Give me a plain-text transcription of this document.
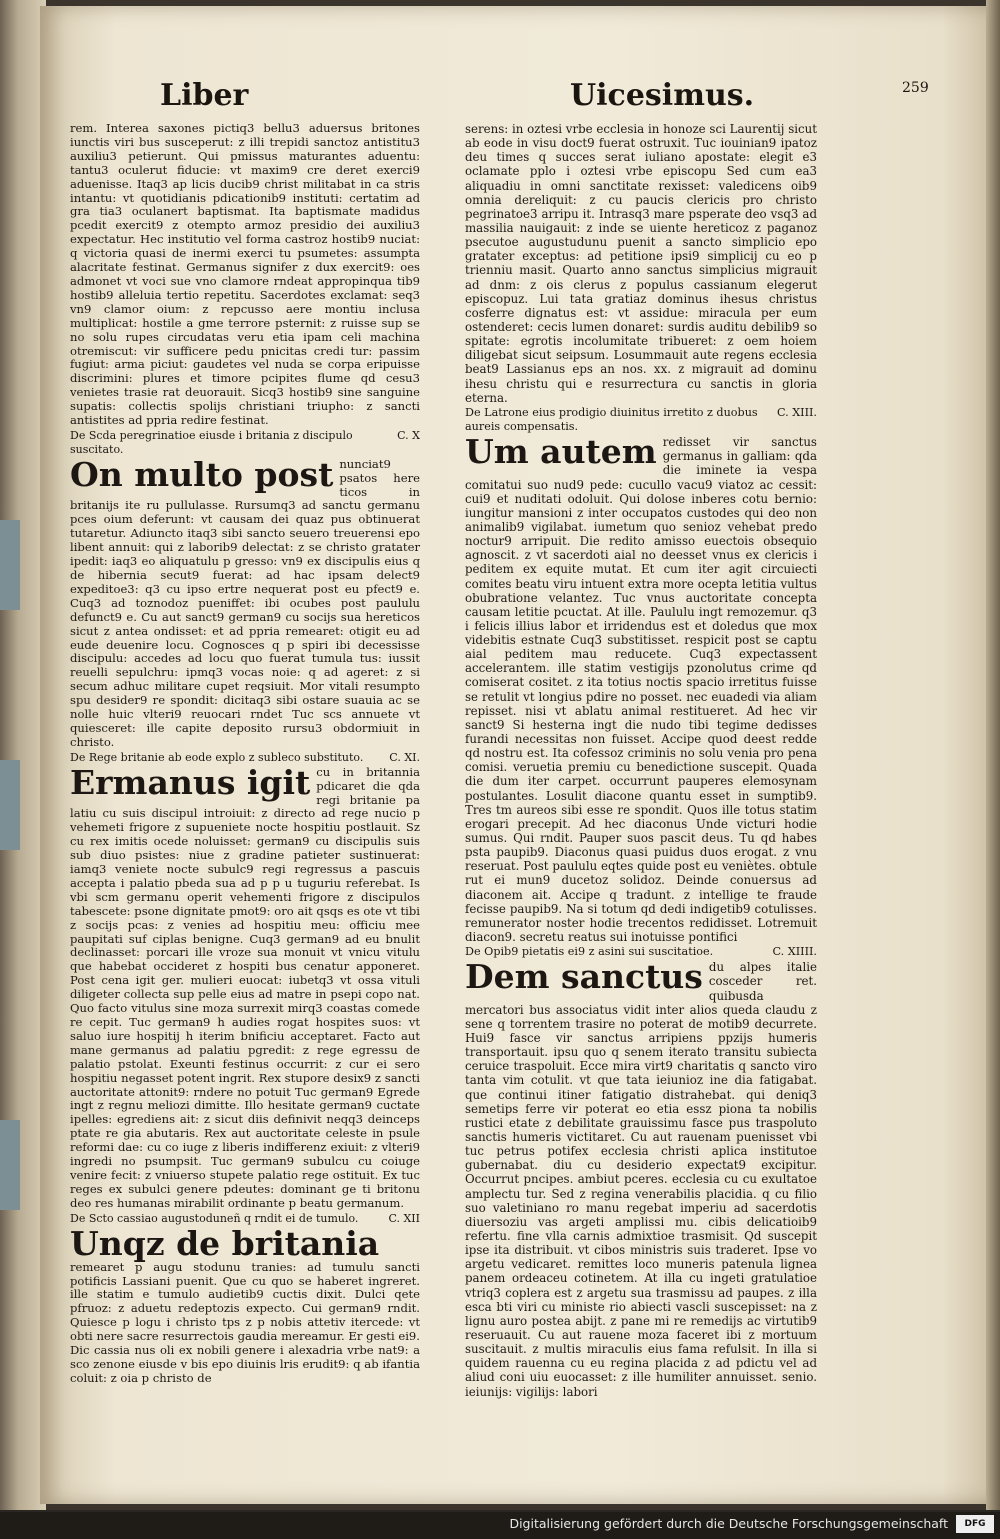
Liber	Uicesimus.	259

rem. Interea saxones pictiq3 bellu3 aduersus britones iunctis viri bus susceperut: z illi trepidi sanctoz antistitu3 auxiliu3 petierunt. Qui pmissus maturantes aduentu: tantu3 oculerut fiducie: vt maxim9 cre deret exerci9 aduenisse. Itaq3 ap licis ducib9 christ militabat in ca stris intantu: vt quotidianis pdicationib9 instituti: certatim ad gra tia3 oculanert baptismat. Ita baptismate madidus pcedit exercit9 z otempto armoz presidio dei auxiliu3 expectatur. Hec institutio vel forma castroz hostib9 nuciat: q victoria quasi de inermi exerci tu psumetes: assumpta alacritate festinat. Germanus signifer z dux exercit9: oes admonet vt voci sue vno clamore rndeat appropinqua tib9 hostib9 alleluia tertio repetitu. Sacerdotes exclamat: seq3 vn9 clamor oium: z repcusso aere montiu inclusa multiplicat: hostile a gme terrore psternit: z ruisse sup se no solu rupes circudatas veru etia ipam celi machina otremiscut: vir sufficere pedu pnicitas credi tur: passim fugiut: arma piciut: gaudetes vel nuda se corpa eripuisse discrimini: plures et timore pcipites flume qd cesu3 venietes trasie rat deuorauit. Sicq3 hostib9 sine sanguine supatis: collectis spolijs christiani triupho: z sancti antistites ad ppria redire festinat.

De Scda peregrinatioe eiusde i britania z discipulo suscitato.
C. X

On multo post nunciat9 psatos here ticos in britanijs ite ru pullulasse. Rursumq3 ad sanctu germanu pces oium deferunt: vt causam dei quaz pus obtinuerat tutaretur. Adiuncto itaq3 sibi sancto seuero treuerensi epo libent annuit: qui z laborib9 delectat: z se christo gratater ipedit: iaq3 eo aliquatulu p gresso: vn9 ex discipulis eius q de hibernia secut9 fuerat: ad hac ipsam delect9 expeditoe3: q3 cu ipso ertre nequerat post eu pfect9 e. Cuq3 ad toznodoz pueniffet: ibi ocubes post paululu defunct9 e. Cu aut sanct9 german9 cu socijs sua hereticos sicut z antea ondisset: et ad ppria remearet: otigit eu ad eude deuenire locu. Cognosces q p spiri ibi decessisse discipulu: accedes ad locu quo fuerat tumula tus: iussit reuelli sepulchru: ipmq3 vocas noie: q ad ageret: z si secum adhuc militare cupet reqsiuit. Mor vitali resumpto spu desider9 re spondit: dicitaq3 sibi ostare suauia ac se nolle huic vlteri9 reuocari rndet Tuc scs annuete vt quiesceret: ille capite deposito rursu3 obdormiuit in christo.

De Rege britanie ab eode explo z subleco substituto.	C. XI.

Ermanus igit cu in britannia pdicaret die qda regi britanie pa latiu cu suis discipul introiuit: z directo ad rege nucio p vehemeti frigore z supueniete nocte hospitiu postlauit. Sz cu rex imitis ocede noluisset: german9 cu discipulis suis sub diuo psistes: niue z gradine patieter sustinuerat: iamq3 veniete nocte subulc9 regi regressus a pascuis accepta i palatio pbeda sua ad p p u tuguriu referebat. Is vbi scm germanu operit vehementi frigore z discipulos tabescete: psone dignitate pmot9: oro ait qsqs es ote vt tibi z socijs pcas: z venies ad hospitiu meu: officiu mee paupitati suf ciplas benigne. Cuq3 german9 ad eu bnulit declinasset: porcari ille vroze sua monuit vt vnicu vitulu que habebat occideret z hospiti bus cenatur apponeret. Post cena igit ger. mulieri euocat: iubetq3 vt ossa vituli diligeter collecta sup pelle eius ad matre in psepi copo nat. Quo facto vitulus sine moza surrexit mirq3 coastas comede re cepit. Tuc german9 h audies rogat hospites suos: vt saluo iure hospitij h iterim bnificiu acceptaret. Facto aut mane germanus ad palatiu pgredit: z rege egressu de palatio pstolat. Exeunti festinus occurrit: z cur ei sero hospitiu negasset potent ingrit. Rex stupore desix9 z sancti auctoritate attonit9: rndere no potuit Tuc german9 Egrede ingt z regnu meliozi dimitte. Illo hesitate german9 cuctate ipelles: egrediens ait: z sicut diis definivit neqq3 deinceps ptate re gia abutaris. Rex aut auctoritate celeste in psule reformi dae: cu co iuge z liberis indifferenz exiuit: z vlteri9 ingredi no psumpsit. Tuc german9 subulcu cu coiuge venire fecit: z vniuerso stupete palatio rege ostituit. Ex tuc reges ex subulci genere pdeutes: dominant ge ti britonu deo res humanas mirabilit ordinante p beatu germanum.

De Scto cassiao augustoduneñ q rndit ei de tumulo.	C. XII

Unqz de britania
remearet p augu stodunu tranies: ad tumulu sancti potificis Lassiani puenit. Que cu quo se haberet ingreret. ille statim e tumulo audietib9 cuctis dixit. Dulci qete pfruoz: z aduetu redeptozis expecto. Cui german9 rndit. Quiesce p logu i christo tps z p nobis attetiv itercede: vt obti nere sacre resurrectois gaudia mereamur. Er gesti ei9. Dic cassia nus oli ex nobili genere i alexadria vrbe nat9: a sco zenone eiusde v bis epo diuinis lris erudit9: q ab ifantia coluit: z oia p christo de

serens: in oztesi vrbe ecclesia in honoze sci Laurentij sicut ab eode in visu doct9 fuerat ostruxit. Tuc iouinian9 ipatoz deu times q succes serat iuliano apostate: elegit e3 oclamate pplo i oztesi vrbe episcopu Sed cum ea3 aliquadiu in omni sanctitate rexisset: valedicens oib9 omnia dereliquit: z cu paucis clericis pro christo pegrinatoe3 arripu it. Intrasq3 mare psperate deo vsq3 ad massilia nauigauit: z inde se uiente hereticoz z paganoz psecutoe augustudunu puenit a sancto simplicio epo gratater exceptus: ad petitione ipsi9 simplicij cu eo p trienniu masit. Quarto anno sanctus simplicius migrauit ad dnm: z ois clerus z populus cassianum elegerut episcopuz. Lui tata gratiaz dominus ihesus christus cosferre dignatus est: vt assidue: miracula per eum ostenderet: cecis lumen donaret: surdis auditu debilib9 so spitate: egrotis incolumitate tribueret: z oem hoiem diligebat sicut seipsum. Losummauit aute regens ecclesia beat9 Lassianus eps an nos. xx. z migrauit ad dominu ihesu christu qui e resurrectura cu sanctis in gloria eterna.

De Latrone eius prodigio diuinitus irretito z duobus aureis compensatis.
C. XIII.

Um autem redisset vir sanctus germanus in galliam: qda die iminete ia vespa comitatui suo nud9 pede: cucullo vacu9 viatoz ac cessit: cui9 et nuditati odoluit. Qui dolose inberes cotu bernio: iungitur mansioni z inter occupatos custodes qui deo non animalib9 vigilabat. iumetum quo senioz vehebat predo noctur9 arripuit. Die redito amisso euectois obsequio agnoscit. z vt sacerdoti aial no deesset vnus ex clericis i peditem ex equite mutat. Et cum iter agit circuiecti comites beatu viru intuent extra more ocepta letitia vultus obubratione velantez. Tuc vnus auctoritate concepta causam letitie pcuctat. At ille. Paululu ingt remozemur. q3 i felicis illius labor et irridendus est et doledus que mox videbitis estnate Cuq3 substitisset. respicit post se captu aial peditem mau reducete. Cuq3 expectassent accelerantem. ille statim vestigijs pzonolutus crime qd comiserat cositet. z ita totius noctis spacio irretitus fuisse se retulit vt longius pdire no posset. nec euadedi via aliam repisset. nisi vt ablatu animal restitueret. Ad hec vir sanct9 Si hesterna ingt die nudo tibi tegime dedisses furandi necessitas non fuisset. Accipe quod deest redde qd nostru est. Ita cofessoz criminis no solu venia pro pena comisi. veruetia premiu cu benedictione suscepit. Quada die dum iter carpet. occurrunt pauperes elemosynam postulantes. Losulit diacone quantu esset in sumptib9. Tres tm aureos sibi esse re spondit. Quos ille totus statim erogari precepit. Ad hec diaconus Unde victuri hodie sumus. Qui rndit. Pauper suos pascit deus. Tu qd habes psta paupib9. Diaconus quasi puidus duos erogat. z vnu reseruat. Post paululu eqtes quide post eu veniètes. obtule rut ei mun9 ducetoz solidoz. Deinde conuersus ad diaconem ait. Accipe q tradunt. z intellige te fraude fecisse paupib9. Na si totum qd dedi indigetib9 cotulisses. remunerator noster hodie trecentos redidisset. Lotremuit diacon9. secretu reatus sui inotuisse pontifici

De Opib9 pietatis ei9 z asini sui suscitatioe.	C. XIIII.

Dem sanctus du alpes italie cosceder ret. quibusda mercatori bus associatus vidit inter alios queda claudu z sene q torrentem trasire no poterat de motib9 decurrete. Hui9 fasce vir sanctus arripiens ppzijs humeris transportauit. ipsu quo q senem iterato transitu subiecta ceruice traspoluit. Ecce mira virt9 charitatis q sancto viro tanta vim cotulit. vt que tata ieiunioz ine dia fatigabat. que continui itiner fatigatio distrahebat. qui deniq3 semetips ferre vir poterat eo etia essz piona ta nobilis rustici etate z debilitate grauissimu fasce pus traspoluto sanctis humeris victitaret. Cu aut rauenam puenisset vbi tuc petrus potifex ecclesia christi aplica institutoe gubernabat. diu cu desiderio expectat9 excipitur. Occurrut pncipes. ambiut pceres. ecclesia cu cu exultatoe amplectu tur. Sed z regina venerabilis placidia. q cu filio suo valetiniano ro manu regebat imperiu ad sacerdotis diuersoziu vas argeti amplissi mu. cibis delicatioib9 refertu. fine vlla carnis admixtioe trasmisit. Qd suscepit ipse ita distribuit. vt cibos ministris suis traderet. Ipse vo argetu vedicaret. remittes loco muneris patenula lignea panem ordeaceu cotinetem. At illa cu ingeti gratulatioe vtriq3 coplera est z argetu sua trasmissu ad paupes. z illa esca bti viri cu ministe rio abiecti vascli suscepisset: na z lignu auro postea abijt. z pane mi re remedijs ac virtutib9 reseruauit. Cu aut rauene moza faceret ibi z mortuum suscitauit. z multis miraculis eius fama refulsit. In illa si quidem rauenna cu eu regina placida z ad pdictu vel ad aliud coni uiu euocasset: z ille humiliter annuisset. senio. ieiunijs: vigilijs: labori

Digitalisierung gefördert durch die Deutsche Forschungsgemeinschaft	DFG
